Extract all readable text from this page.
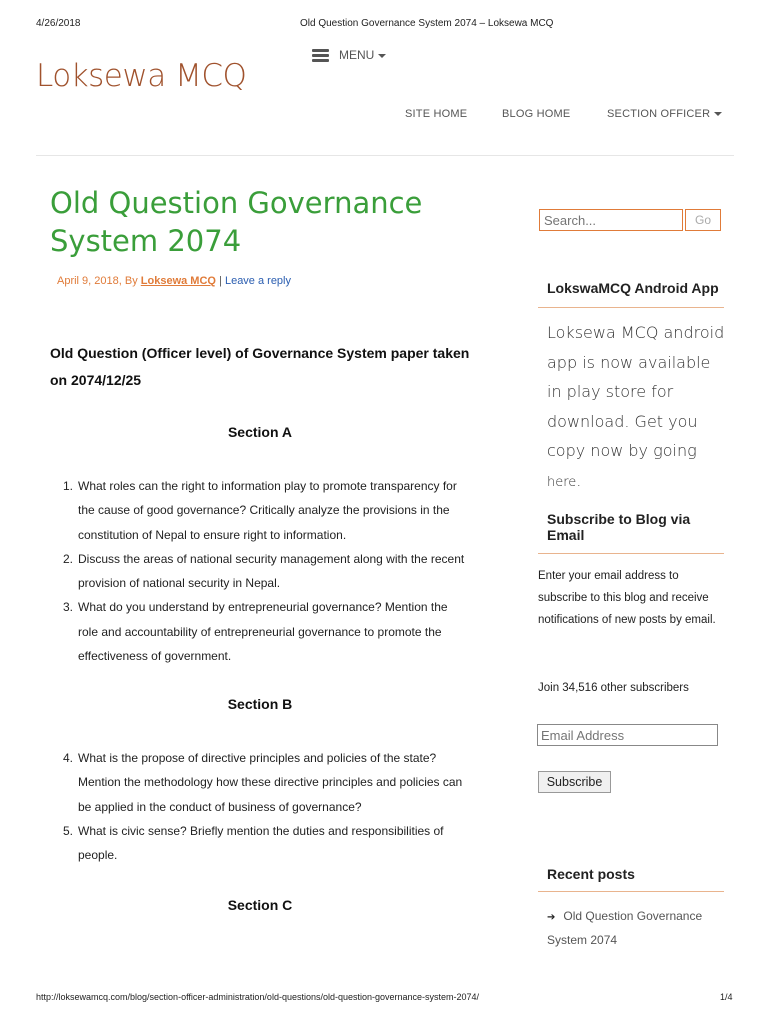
4/26/2018	Old Question Governance System 2074 – Loksewa MCQ
Loksewa MCQ
MENU
SITE HOME	BLOG HOME	SECTION OFFICER
Old Question Governance System 2074
April 9, 2018, By Loksewa MCQ | Leave a reply
Old Question (Officer level) of Governance System paper taken on 2074/12/25
Section A
1. What roles can the right to information play to promote transparency for the cause of good governance? Critically analyze the provisions in the constitution of Nepal to ensure right to information.
2. Discuss the areas of national security management along with the recent provision of national security in Nepal.
3. What do you understand by entrepreneurial governance? Mention the role and accountability of entrepreneurial governance to promote the effectiveness of government.
Section B
4. What is the propose of directive principles and policies of the state? Mention the methodology how these directive principles and policies can be applied in the conduct of business of governance?
5. What is civic sense? Briefly mention the duties and responsibilities of people.
Section C
Search...
Go
LokswaMCQ Android App
Loksewa MCQ android app is now available in play store for download. Get you copy now by going here.
Subscribe to Blog via Email
Enter your email address to subscribe to this blog and receive notifications of new posts by email.
Join 34,516 other subscribers
Email Address
Subscribe
Recent posts
➔ Old Question Governance System 2074
http://loksewamcq.com/blog/section-officer-administration/old-questions/old-question-governance-system-2074/	1/4
